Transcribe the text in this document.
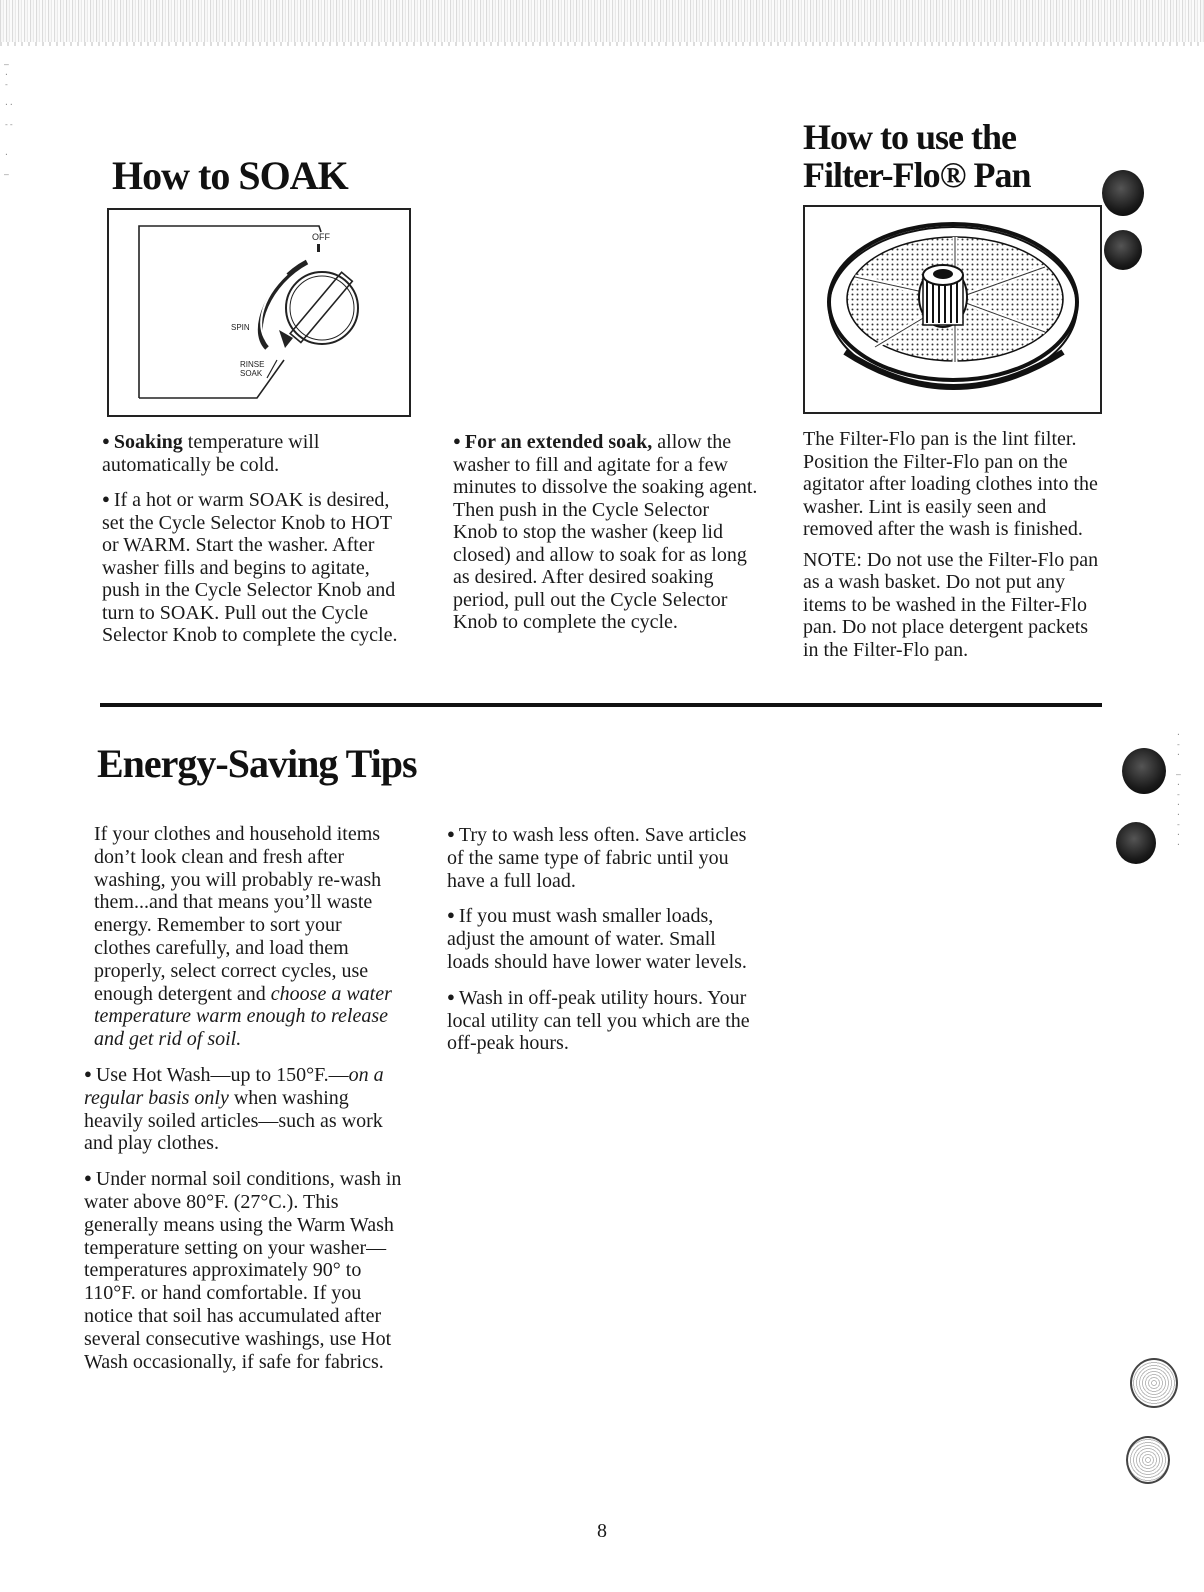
—
·
‐

··

‐‐

·

—
·
‐
·

—
·
‐
·
·
‐
·
·
How to SOAK
OFF
SPIN
RINSE
SOAK

● Soaking temperature will automatically be cold.

● If a hot or warm SOAK is desired, set the Cycle Selector Knob to HOT or WARM. Start the washer. After washer fills and begins to agitate, push in the Cycle Selector Knob and turn to SOAK. Pull out the Cycle Selector Knob to complete the cycle.

● For an extended soak, allow the washer to fill and agitate for a few minutes to dissolve the soaking agent. Then push in the Cycle Selector Knob to stop the washer (keep lid closed) and allow to soak for as long as desired. After desired soaking period, pull out the Cycle Selector Knob to complete the cycle.

How to use the
Filter-Flo® Pan

The Filter-Flo pan is the lint filter. Position the Filter-Flo pan on the agitator after loading clothes into the washer. Lint is easily seen and removed after the wash is finished.

NOTE: Do not use the Filter-Flo pan as a wash basket. Do not put any items to be washed in the Filter-Flo pan. Do not place detergent packets in the Filter-Flo pan.

Energy-Saving Tips

If your clothes and household items don’t look clean and fresh after washing, you will probably re-wash them...and that means you’ll waste energy. Remember to sort your clothes carefully, and load them properly, select correct cycles, use enough detergent and choose a water temperature warm enough to release and get rid of soil.

● Use Hot Wash—up to 150°F.—on a regular basis only when washing heavily soiled articles—such as work and play clothes.

● Under normal soil conditions, wash in water above 80°F. (27°C.). This generally means using the Warm Wash temperature setting on your washer—temperatures approximately 90° to 110°F. or hand comfortable. If you notice that soil has accumulated after several consecutive washings, use Hot Wash occasionally, if safe for fabrics.

● Try to wash less often. Save articles of the same type of fabric until you have a full load.

● If you must wash smaller loads, adjust the amount of water. Small loads should have lower water levels.

● Wash in off-peak utility hours. Your local utility can tell you which are the off-peak hours.

8
